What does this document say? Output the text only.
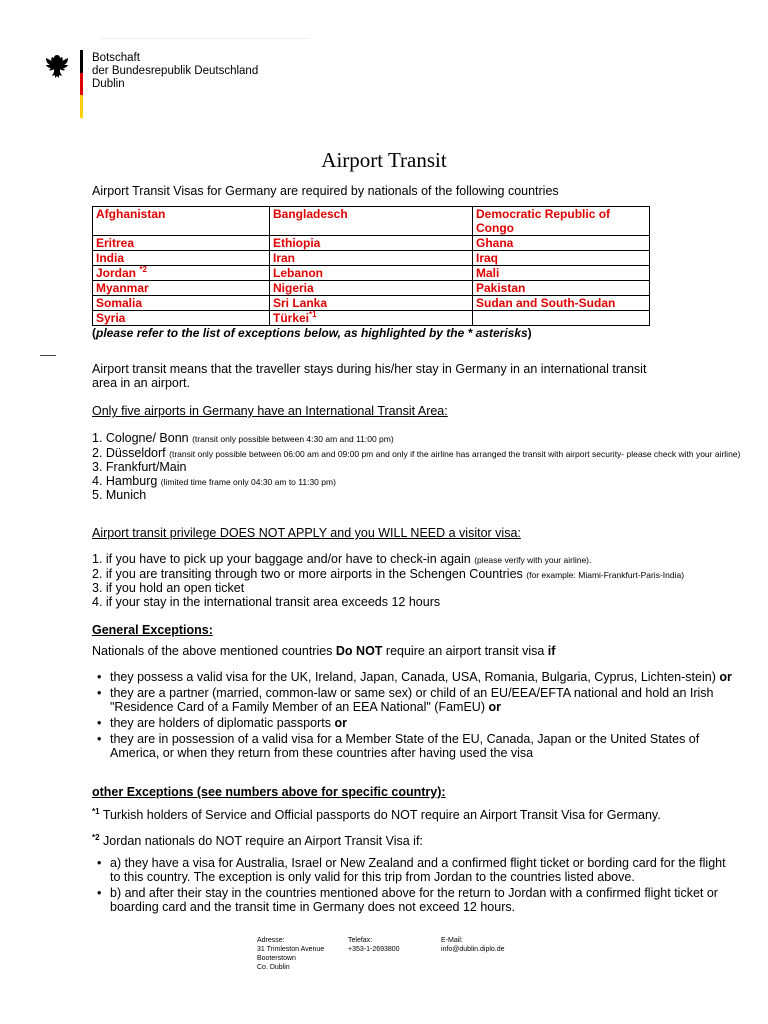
Botschaft
der Bundesrepublik Deutschland
Dublin
Airport Transit
Airport Transit Visas for Germany are required by nationals of the following countries
Afghanistan	Bangladesch	Democratic Republic of Congo
Eritrea	Ethiopia	Ghana
India	Iran	Iraq
Jordan $^{*2}$	Lebanon	Mali
Myanmar	Nigeria	Pakistan
Somalia	Sri Lanka	Sudan and South-Sudan
Syria	Türkei$^{*1}$	
(please refer to the list of exceptions below, as highlighted by the * asterisks)
Airport transit means that the traveller stays during his/her stay in Germany in an international transit area in an airport.
Only five airports in Germany have an International Transit Area:
1. Cologne/ Bonn (transit only possible between 4:30 am and 11:00 pm)
2. Düsseldorf (transit only possible between 06:00 am and 09:00 pm and only if the airline has arranged the transit with airport security- please check with your airline)
3. Frankfurt/Main
4. Hamburg (limited time frame only 04:30 am to 11:30 pm)
5. Munich
Airport transit privilege DOES NOT APPLY and you WILL NEED a visitor visa:
1. if you have to pick up your baggage and/or have to check-in again (please verify with your airline).
2. if you are transiting through two or more airports in the Schengen Countries (for example: Miami-Frankfurt-Paris-India)
3. if you hold an open ticket
4. if your stay in the international transit area exceeds 12 hours
General Exceptions:
Nationals of the above mentioned countries Do NOT require an airport transit visa if
• they possess a valid visa for the UK, Ireland, Japan, Canada, USA, Romania, Bulgaria, Cyprus, Lichten-stein) or
• they are a partner (married, common-law or same sex) or child of an EU/EEA/EFTA national and hold an Irish "Residence Card of a Family Member of an EEA National" (FamEU) or
• they are holders of diplomatic passports or
• they are in possession of a valid visa for a Member State of the EU, Canada, Japan or the United States of America, or when they return from these countries after having used the visa
other Exceptions (see numbers above for specific country):
$^{*1}$ Turkish holders of Service and Official passports do NOT require an Airport Transit Visa for Germany.
$^{*2}$ Jordan nationals do NOT require an Airport Transit Visa if:
• a) they have a visa for Australia, Israel or New Zealand and a confirmed flight ticket or bording card for the flight to this country. The exception is only valid for this trip from Jordan to the countries listed above.
• b) and after their stay in the countries mentioned above for the return to Jordan with a confirmed flight ticket or boarding card and the transit time in Germany does not exceed 12 hours.
Adresse:
31 Trimleston Avenue
Booterstown
Co. Dublin
Telefax:
+353-1-2693800
E-Mail:
info@dublin.diplo.de
